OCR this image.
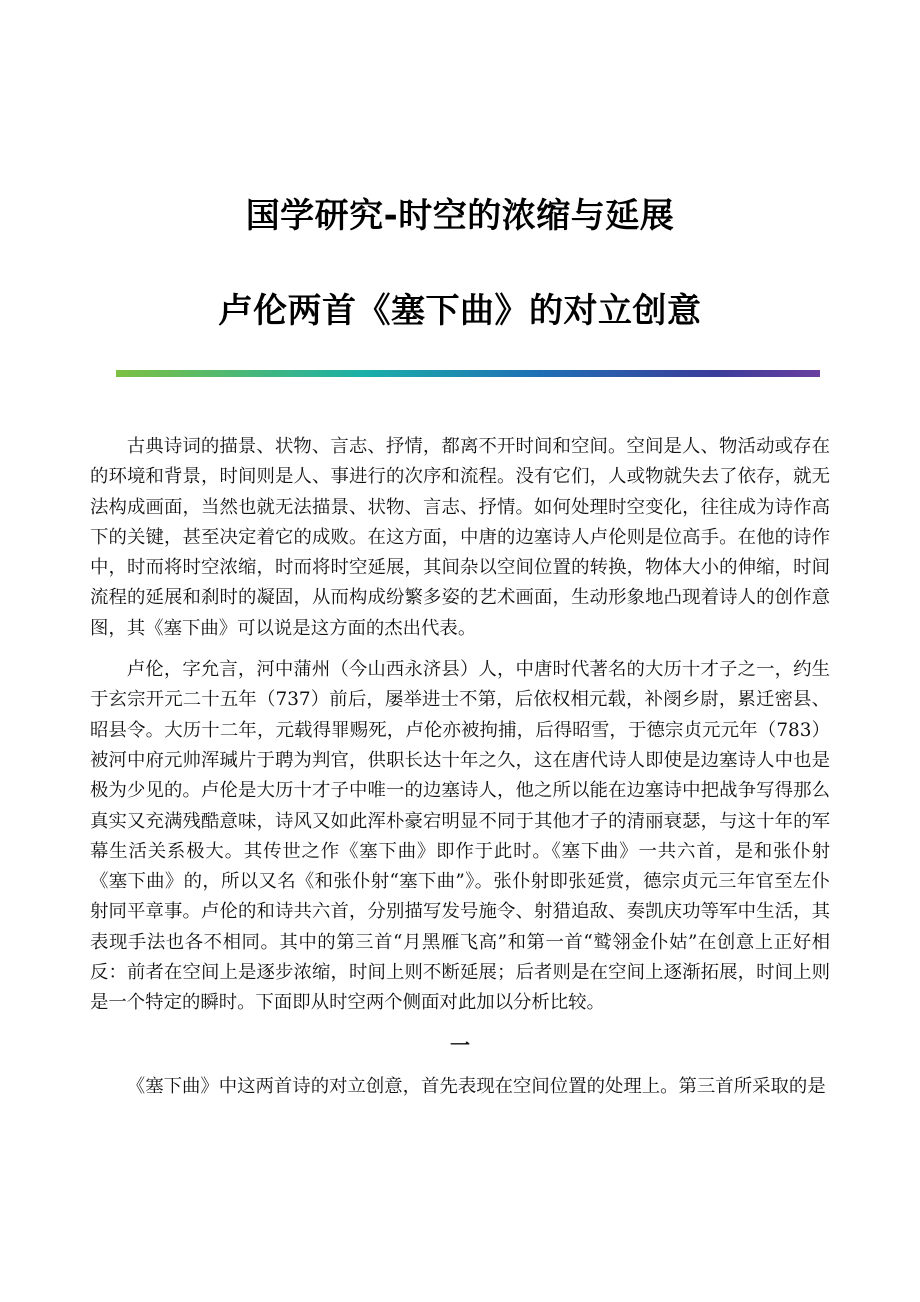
国学研究-时空的浓缩与延展
卢伦两首《塞下曲》的对立创意

古典诗词的描景、状物、言志、抒情，都离不开时间和空间。空间是人、物活动或存在的环境和背景，时间则是人、事进行的次序和流程。没有它们，人或物就失去了依存，就无法构成画面，当然也就无法描景、状物、言志、抒情。如何处理时空变化，往往成为诗作高下的关键，甚至决定着它的成败。在这方面，中唐的边塞诗人卢伦则是位高手。在他的诗作中，时而将时空浓缩，时而将时空延展，其间杂以空间位置的转换，物体大小的伸缩，时间流程的延展和刹时的凝固，从而构成纷繁多姿的艺术画面，生动形象地凸现着诗人的创作意图，其《塞下曲》可以说是这方面的杰出代表。

卢伦，字允言，河中蒲州（今山西永济县）人，中唐时代著名的大历十才子之一，约生于玄宗开元二十五年（737）前后，屡举进士不第，后依权相元载，补阌乡尉，累迁密县、昭县令。大历十二年，元载得罪赐死，卢伦亦被拘捕，后得昭雪，于德宗贞元元年（783）被河中府元帅浑瑊片于聘为判官，供职长达十年之久，这在唐代诗人即使是边塞诗人中也是极为少见的。卢伦是大历十才子中唯一的边塞诗人，他之所以能在边塞诗中把战争写得那么真实又充满残酷意味，诗风又如此浑朴豪宕明显不同于其他才子的清丽衰瑟，与这十年的军幕生活关系极大。其传世之作《塞下曲》即作于此时。《塞下曲》一共六首，是和张仆射《塞下曲》的，所以又名《和张仆射“塞下曲”》。张仆射即张延赏，德宗贞元三年官至左仆射同平章事。卢伦的和诗共六首，分别描写发号施令、射猎追敌、奏凯庆功等军中生活，其表现手法也各不相同。其中的第三首“月黑雁飞高”和第一首“鹫翎金仆姑”在创意上正好相反：前者在空间上是逐步浓缩，时间上则不断延展；后者则是在空间上逐渐拓展，时间上则是一个特定的瞬时。下面即从时空两个侧面对此加以分析比较。

一

《塞下曲》中这两首诗的对立创意，首先表现在空间位置的处理上。第三首所采取的是
